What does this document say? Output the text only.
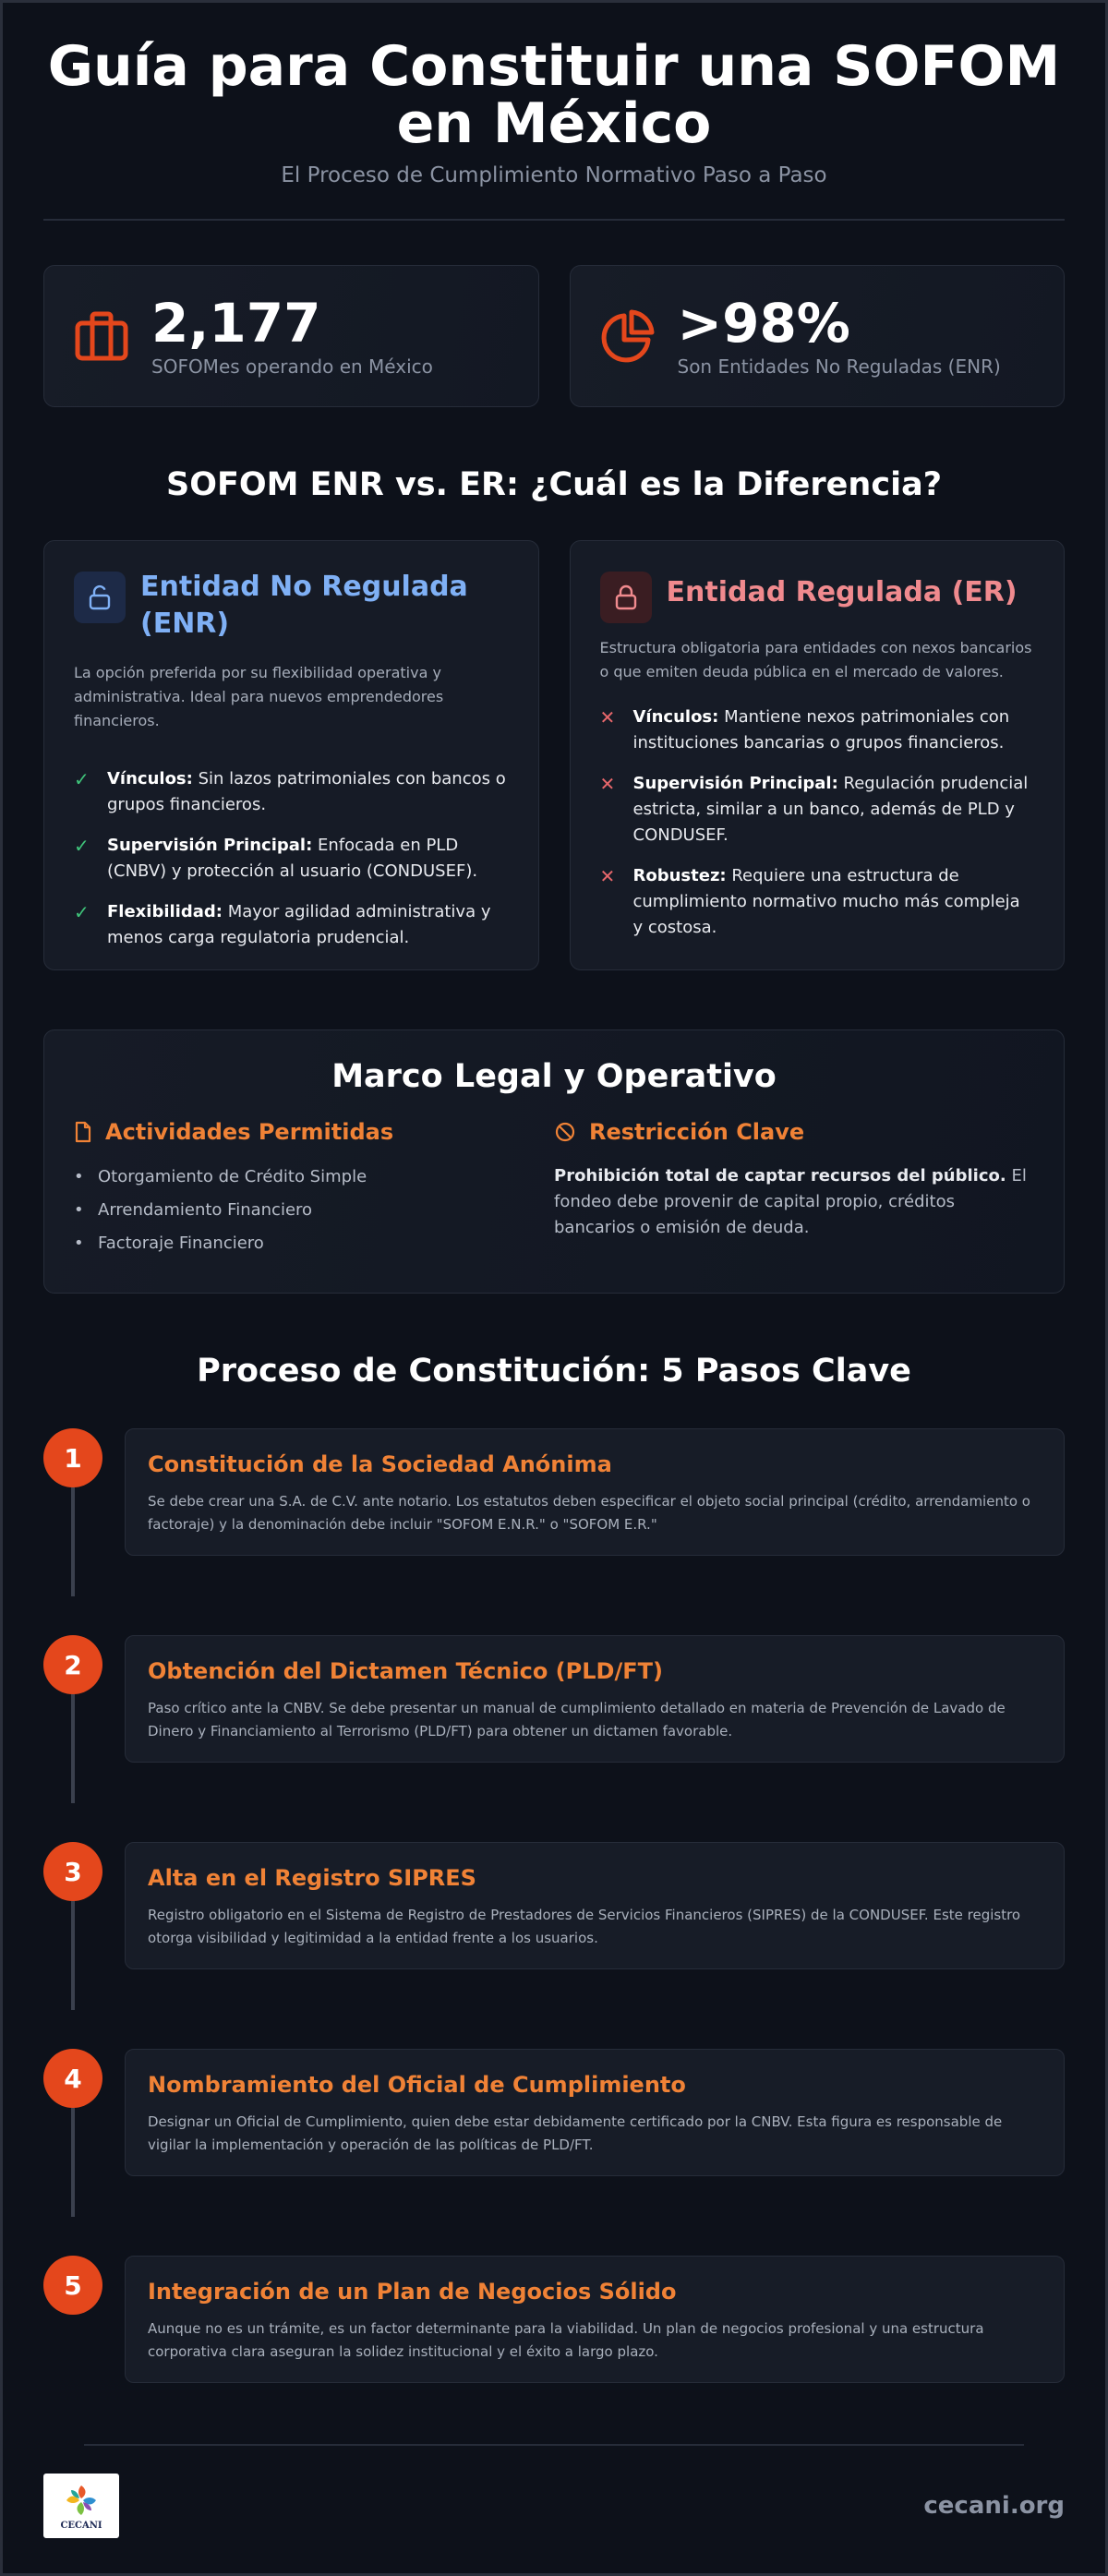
Guía para Constituir una SOFOM en México
El Proceso de Cumplimiento Normativo Paso a Paso
2,177
SOFOMes operando en México
>98%
Son Entidades No Reguladas (ENR)
SOFOM ENR vs. ER: ¿Cuál es la Diferencia?
Entidad No Regulada (ENR)

La opción preferida por su flexibilidad operativa y administrativa. Ideal para nuevos emprendedores financieros.

✓	Vínculos: Sin lazos patrimoniales con bancos o grupos financieros.
✓	Supervisión Principal: Enfocada en PLD (CNBV) y protección al usuario (CONDUSEF).
✓	Flexibilidad: Mayor agilidad administrativa y menos carga regulatoria prudencial.
Entidad Regulada (ER)

Estructura obligatoria para entidades con nexos bancarios o que emiten deuda pública en el mercado de valores.

✕	Vínculos: Mantiene nexos patrimoniales con instituciones bancarias o grupos financieros.
✕	Supervisión Principal: Regulación prudencial estricta, similar a un banco, además de PLD y CONDUSEF.
✕	Robustez: Requiere una estructura de cumplimiento normativo mucho más compleja y costosa.
Marco Legal y Operativo
Actividades Permitidas
• Otorgamiento de Crédito Simple
• Arrendamiento Financiero
• Factoraje Financiero
Restricción Clave

Prohibición total de captar recursos del público. El fondeo debe provenir de capital propio, créditos bancarios o emisión de deuda.

Proceso de Constitución: 5 Pasos Clave
1	Constitución de la Sociedad Anónima
Se debe crear una S.A. de C.V. ante notario. Los estatutos deben especificar el objeto social principal (crédito, arrendamiento o factoraje) y la denominación debe incluir "SOFOM E.N.R." o "SOFOM E.R."
2	Obtención del Dictamen Técnico (PLD/FT)
Paso crítico ante la CNBV. Se debe presentar un manual de cumplimiento detallado en materia de Prevención de Lavado de Dinero y Financiamiento al Terrorismo (PLD/FT) para obtener un dictamen favorable.
3	Alta en el Registro SIPRES
Registro obligatorio en el Sistema de Registro de Prestadores de Servicios Financieros (SIPRES) de la CONDUSEF. Este registro otorga visibilidad y legitimidad a la entidad frente a los usuarios.
4	Nombramiento del Oficial de Cumplimiento
Designar un Oficial de Cumplimiento, quien debe estar debidamente certificado por la CNBV. Esta figura es responsable de vigilar la implementación y operación de las políticas de PLD/FT.
5	Integración de un Plan de Negocios Sólido
Aunque no es un trámite, es un factor determinante para la viabilidad. Un plan de negocios profesional y una estructura corporativa clara aseguran la solidez institucional y el éxito a largo plazo.
CECANI
cecani.org
